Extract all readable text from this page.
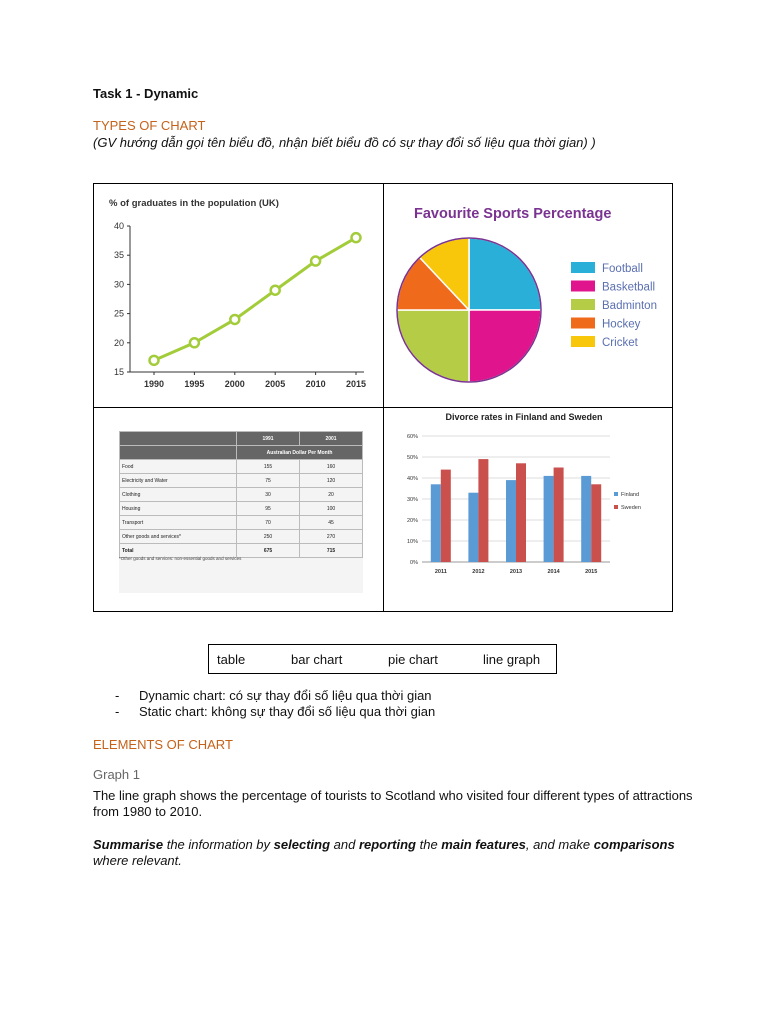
Task 1 - Dynamic
TYPES OF CHART
(GV hướng dẫn gọi tên biểu đồ, nhận biết biểu đồ có sự thay đổi số liệu qua thời gian) )
% of graduates in the population (UK)
15
20
25
30
35
40
1990 1995 2000 2005 2010 2015
Favourite Sports Percentage
Football
Basketball
Badminton
Hockey
Cricket
	1991	2001
	Australian Dollar Per Month	
Food	155	160
Electricity and Water	75	120
Clothing	30	20
Housing	95	100
Transport	70	45
Other goods and services*	250	270
Total	675	715
*Other goods and services: non-essential goods and services
Divorce rates in Finland and Sweden
0%
10%
20%
30%
40%
50%
60%
2011	2012	2013	2014	2015
Finland
Sweden
table	bar chart	pie chart	line graph
- Dynamic chart: có sự thay đổi số liệu qua thời gian
- Static chart: không sự thay đổi số liệu qua thời gian
ELEMENTS OF CHART
Graph 1
The line graph shows the percentage of tourists to Scotland who visited four different types of attractions from 1980 to 2010.
Summarise the information by selecting and reporting the main features, and make comparisons where relevant.
